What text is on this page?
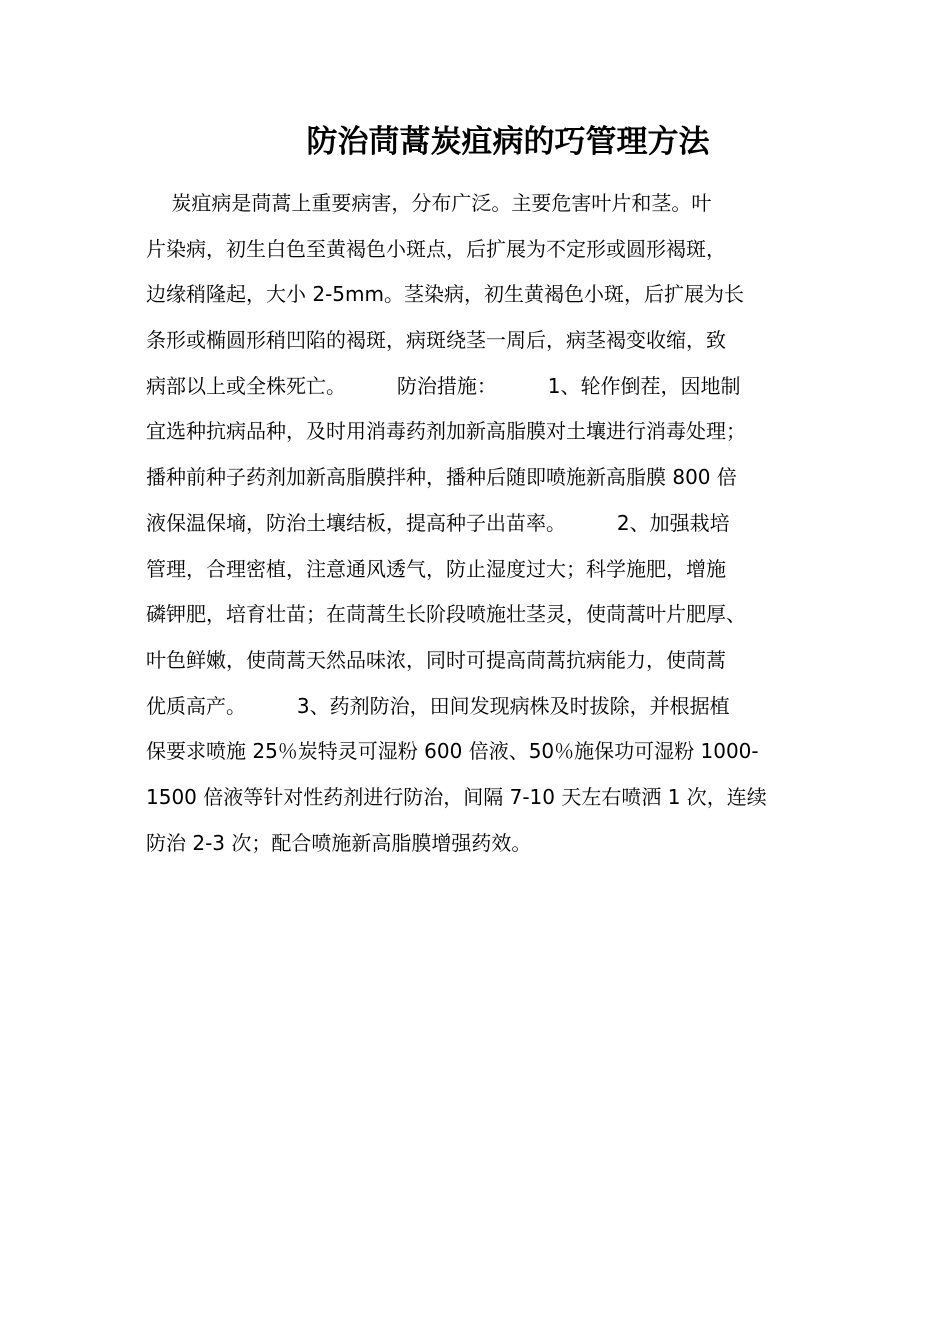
防治茼蒿炭疽病的巧管理方法
炭疽病是茼蒿上重要病害，分布广泛。主要危害叶片和茎。叶
片染病，初生白色至黄褐色小斑点，后扩展为不定形或圆形褐斑，
边缘稍隆起，大小 2-5mm。茎染病，初生黄褐色小斑，后扩展为长
条形或椭圆形稍凹陷的褐斑，病斑绕茎一周后，病茎褐变收缩，致
病部以上或全株死亡。        防治措施：        1、轮作倒茬，因地制
宜选种抗病品种，及时用消毒药剂加新高脂膜对土壤进行消毒处理；
播种前种子药剂加新高脂膜拌种，播种后随即喷施新高脂膜 800 倍
液保温保墒，防治土壤结板，提高种子出苗率。        2、加强栽培
管理，合理密植，注意通风透气，防止湿度过大；科学施肥，增施
磷钾肥，培育壮苗；在茼蒿生长阶段喷施壮茎灵，使茼蒿叶片肥厚、
叶色鲜嫩，使茼蒿天然品味浓，同时可提高茼蒿抗病能力，使茼蒿
优质高产。        3、药剂防治，田间发现病株及时拔除，并根据植
保要求喷施 25％炭特灵可湿粉 600 倍液、50％施保功可湿粉 1000-
1500 倍液等针对性药剂进行防治，间隔 7-10 天左右喷洒 1 次，连续
防治 2-3 次；配合喷施新高脂膜增强药效。
